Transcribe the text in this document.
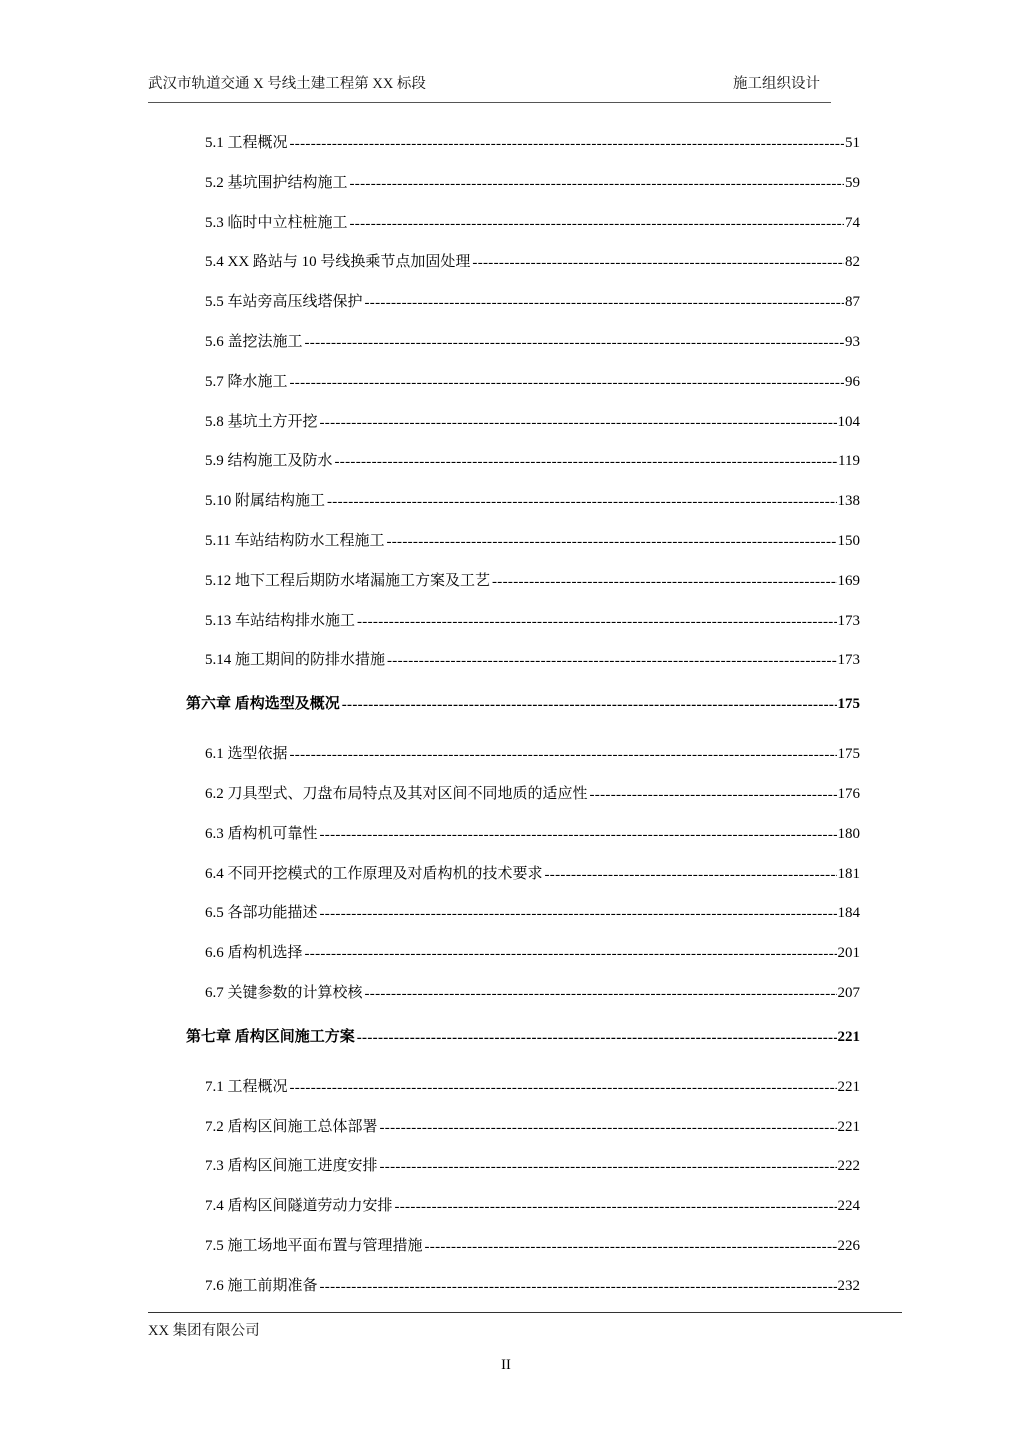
武汉市轨道交通 X 号线土建工程第 XX 标段	施工组织设计
5.1 工程概况 -----	51
5.2 基坑围护结构施工 -----	59
5.3 临时中立柱桩施工 -----	74
5.4 XX 路站与 10 号线换乘节点加固处理 -----	82
5.5 车站旁高压线塔保护 -----	87
5.6 盖挖法施工 -----	93
5.7 降水施工 -----	96
5.8 基坑土方开挖 -----	104
5.9 结构施工及防水 -----	119
5.10 附属结构施工 -----	138
5.11 车站结构防水工程施工 -----	150
5.12 地下工程后期防水堵漏施工方案及工艺 -----	169
5.13 车站结构排水施工 -----	173
5.14 施工期间的防排水措施 -----	173
第六章 盾构选型及概况 -----	175
6.1 选型依据 -----	175
6.2 刀具型式、刀盘布局特点及其对区间不同地质的适应性 -----	176
6.3 盾构机可靠性 -----	180
6.4 不同开挖模式的工作原理及对盾构机的技术要求 -----	181
6.5 各部功能描述 -----	184
6.6 盾构机选择 -----	201
6.7 关键参数的计算校核 -----	207
第七章 盾构区间施工方案 -----	221
7.1 工程概况 -----	221
7.2 盾构区间施工总体部署 -----	221
7.3 盾构区间施工进度安排 -----	222
7.4 盾构区间隧道劳动力安排 -----	224
7.5 施工场地平面布置与管理措施 -----	226
7.6 施工前期准备 -----	232
XX 集团有限公司
II
